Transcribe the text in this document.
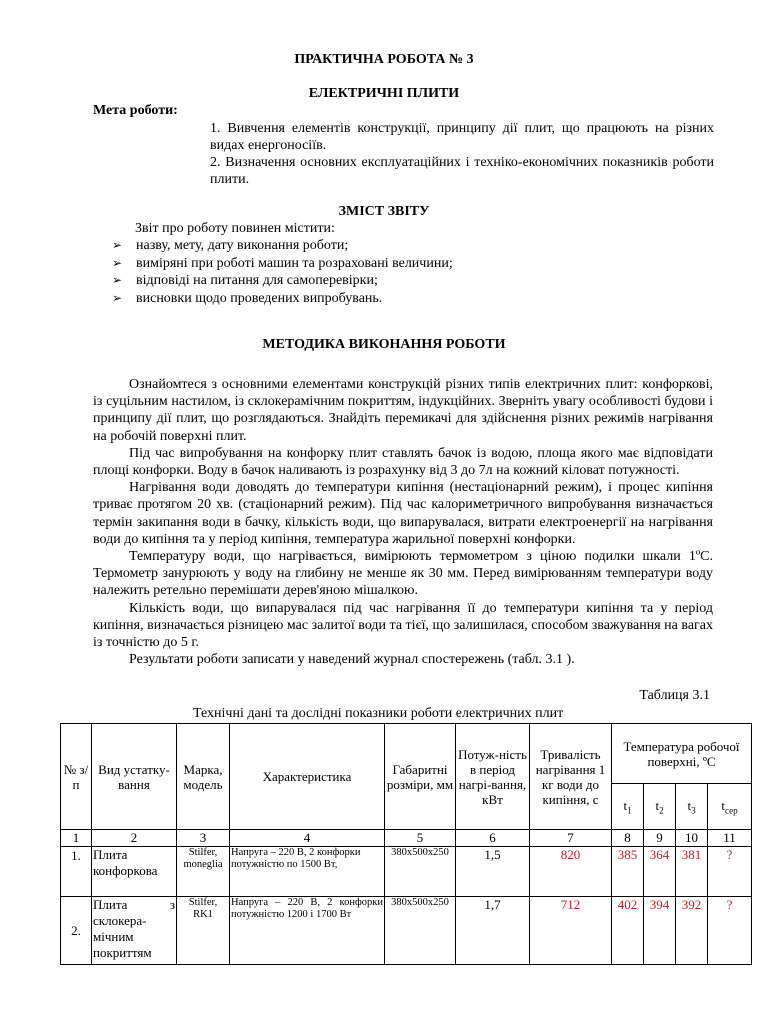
ПРАКТИЧНА РОБОТА № 3
ЕЛЕКТРИЧНІ ПЛИТИ
Мета роботи:
1. Вивчення елементів конструкції, принципу дії плит, що працюють на різних видах енергоносіїв.
2. Визначення основних експлуатаційних і техніко-економічних показників роботи плити.
ЗМІСТ ЗВІТУ
Звіт про роботу повинен містити:
➢ назву, мету, дату виконання роботи;
➢ виміряні при роботі машин та розраховані величини;
➢ відповіді на питання для самоперевірки;
➢ висновки щодо проведених випробувань.
МЕТОДИКА ВИКОНАННЯ РОБОТИ

Ознайомтеся з основними елементами конструкцій різних типів електричних плит: конфоркові, із суцільним настилом, із склокерамічним покриттям, індукційних. Зверніть увагу особливості будови і принципу дії плит, що розглядаються. Знайдіть перемикачі для здійснення різних режимів нагрівання на робочій поверхні плит.

Під час випробування на конфорку плит ставлять бачок із водою, площа якого має відповідати площі конфорки. Воду в бачок наливають із розрахунку від 3 до 7л на кожний кіловат потужності.

Нагрівання води доводять до температури кипіння (нестаціонарний режим), і процес кипіння триває протягом 20 хв. (стаціонарний режим). Під час калориметричного випробування визначається термін закипання води в бачку, кількість води, що випарувалася, витрати електроенергії на нагрівання води до кипіння та у період кипіння, температура жарильної поверхні конфорки.

Температуру води, що нагрівається, вимірюють термометром з ціною подилки шкали 1ºС. Термометр занурюють у воду на глибину не менше як 30 мм. Перед вимірюванням температури воду належить ретельно перемішати дерев'яною мішалкою.

Кількість води, що випарувалася під час нагрівання її до температури кипіння та у період кипіння, визначається різницею мас залитої води та тієї, що залишилася, способом зважування на вагах із точністю до 5 г.

Результати роботи записати у наведений журнал спостережень (табл. 3.1 ).

Таблиця 3.1
Технічні дані та дослідні показники роботи електричних плит
№ з/п	Вид устатку-вання	Марка, модель	Характеристика	Габаритні розміри, мм	Потуж-ність в період нагрі-вання, кВт	Тривалість нагрівання 1 кг води до кипіння, с	Температура робочої поверхні, ºС			
							$t_1$	$t_2$	$t_3$	$t_{сер}$
1	2	3	4	5	6	7	8	9	10	11
1.	Плита конфоркова	Stilfer, moneglia	Напруга – 220 В, 2 конфорки потужністю по 1500 Вт,	380x500x250	1,5	820	385	364	381	?
2.	Плита з склокера-мічним покриттям	Stilfer, RK1	Напруга – 220 В, 2 конфорки потужністю 1200 і 1700 Вт	380x500x250	1,7	712	402	394	392	?
